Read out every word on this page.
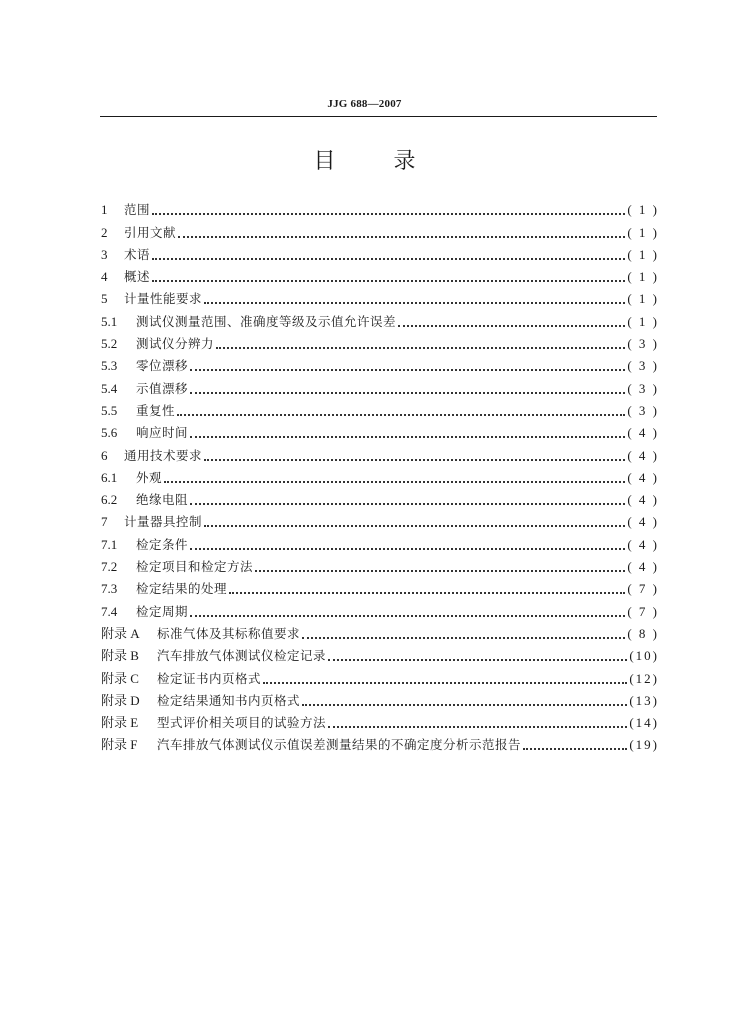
JJG 688—2007
目	录
1	范围	( 1 )
2	引用文献	( 1 )
3	术语	( 1 )
4	概述	( 1 )
5	计量性能要求	( 1 )
5.1	测试仪测量范围、准确度等级及示值允许误差	( 1 )
5.2	测试仪分辨力	( 3 )
5.3	零位漂移	( 3 )
5.4	示值漂移	( 3 )
5.5	重复性	( 3 )
5.6	响应时间	( 4 )
6	通用技术要求	( 4 )
6.1	外观	( 4 )
6.2	绝缘电阻	( 4 )
7	计量器具控制	( 4 )
7.1	检定条件	( 4 )
7.2	检定项目和检定方法	( 4 )
7.3	检定结果的处理	( 7 )
7.4	检定周期	( 7 )
附录 A	标准气体及其标称值要求	( 8 )
附录 B	汽车排放气体测试仪检定记录	(10)
附录 C	检定证书内页格式	(12)
附录 D	检定结果通知书内页格式	(13)
附录 E	型式评价相关项目的试验方法	(14)
附录 F	汽车排放气体测试仪示值误差测量结果的不确定度分析示范报告	(19)
